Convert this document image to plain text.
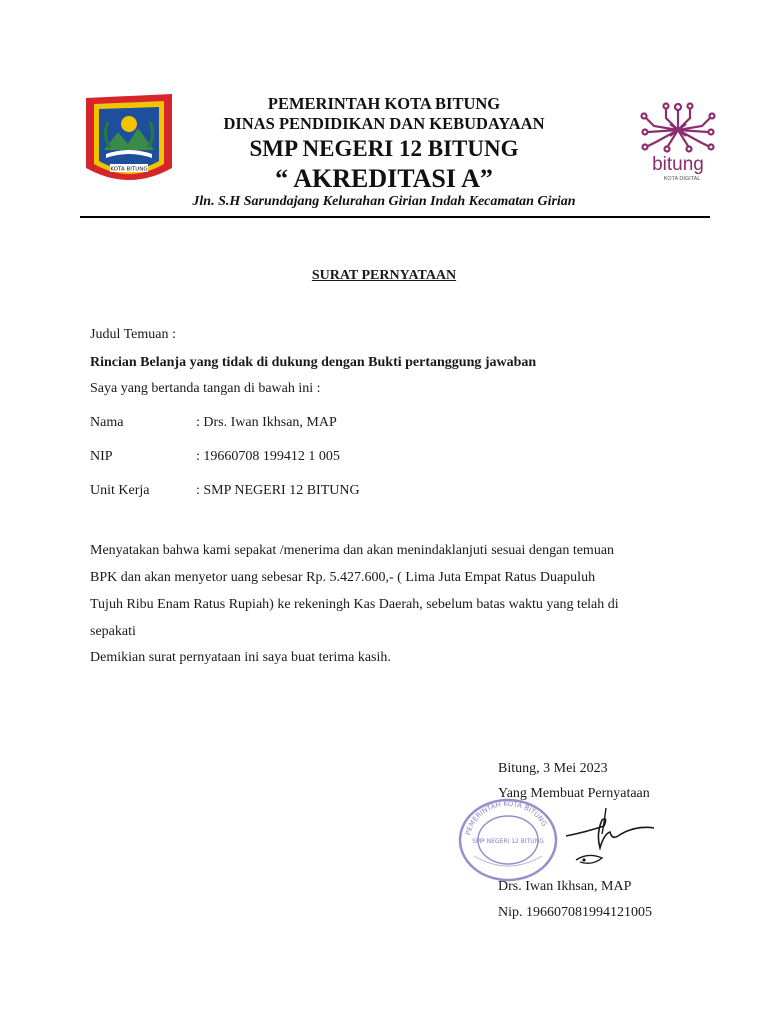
KOTA BITUNG
PEMERINTAH KOTA BITUNG
DINAS PENDIDIKAN DAN KEBUDAYAAN
SMP NEGERI 12 BITUNG
“ AKREDITASI A”
Jln. S.H Sarundajang Kelurahan Girian Indah Kecamatan Girian
bitung
KOTA DIGITAL
SURAT PERNYATAAN
Judul Temuan :
Rincian Belanja yang tidak di dukung dengan Bukti pertanggung jawaban
Saya yang bertanda tangan di bawah ini :
Nama	: Drs. Iwan Ikhsan, MAP
NIP	: 19660708 199412 1 005
Unit Kerja	: SMP NEGERI 12 BITUNG
Menyatakan bahwa kami sepakat /menerima dan akan menindaklanjuti sesuai dengan temuan
BPK dan akan menyetor uang sebesar Rp. 5.427.600,- ( Lima Juta Empat Ratus Duapuluh
Tujuh Ribu Enam Ratus Rupiah) ke rekeningh Kas Daerah, sebelum batas waktu yang telah di
sepakati
Demikian surat pernyataan ini saya buat terima kasih.
Bitung, 3 Mei 2023
Yang Membuat Pernyataan
PEMERINTAH KOTA BITUNG
SMP NEGERI 12 BITUNG
Drs. Iwan Ikhsan, MAP
Nip. 196607081994121005
